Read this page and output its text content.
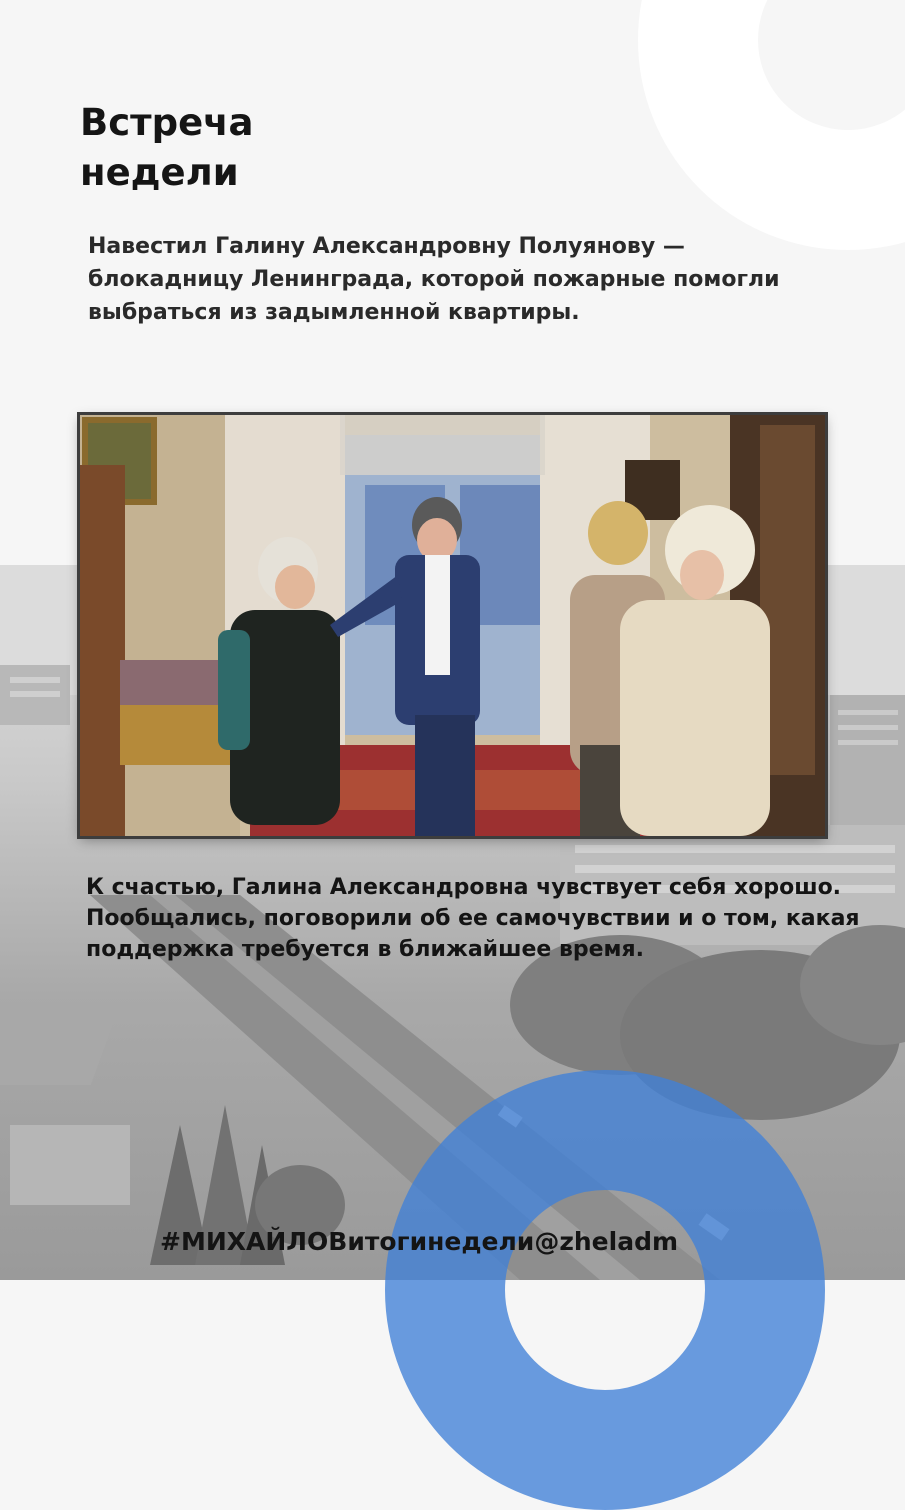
Встреча
недели

Навестил Галину Александровну Полуянову — блокадницу Ленинграда, которой пожарные помогли выбраться из задымленной квартиры.

К счастью, Галина Александровна чувствует себя хорошо. Пообщались, поговорили об ее самочувствии и о том, какая поддержка требуется в ближайшее время.

#МИХАЙЛОВитогинедели@zheladm
